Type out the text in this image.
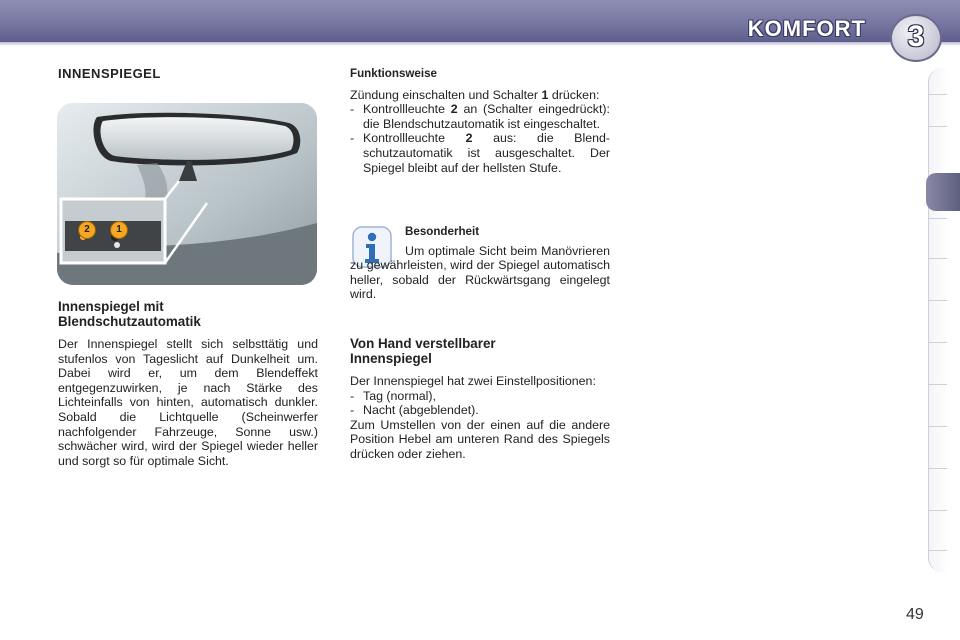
KOMFORT	3
INNENSPIEGEL
2	1
Innenspiegel mit Blendschutzautomatik

Der Innenspiegel stellt sich selbsttätig und stufenlos von Tageslicht auf Dunkelheit um. Dabei wird er, um dem Blendeffekt entgegenzuwirken, je nach Stärke des Lichteinfalls von hinten, automatisch dunkler. Sobald die Lichtquelle (Scheinwerfer nachfolgender Fahrzeuge, Sonne usw.) schwächer wird, wird der Spiegel wieder heller und sorgt so für optimale Sicht.

Funktionsweise

Zündung einschalten und Schalter 1 drücken:

- Kontrollleuchte 2 an (Schalter eingedrückt): die Blendschutzautomatik ist eingeschaltet.
- Kontrollleuchte 2 aus: die Blendschutzautomatik ist ausgeschaltet. Der Spiegel bleibt auf der hellsten Stufe.
Besonderheit

Um optimale Sicht beim Manövrieren zu gewährleisten, wird der Spiegel automatisch heller, sobald der Rückwärtsgang eingelegt wird.

Von Hand verstellbarer Innenspiegel

Der Innenspiegel hat zwei Einstellpositionen:

- Tag (normal),
- Nacht (abgeblendet).

Zum Umstellen von der einen auf die andere Position Hebel am unteren Rand des Spiegels drücken oder ziehen.

49
